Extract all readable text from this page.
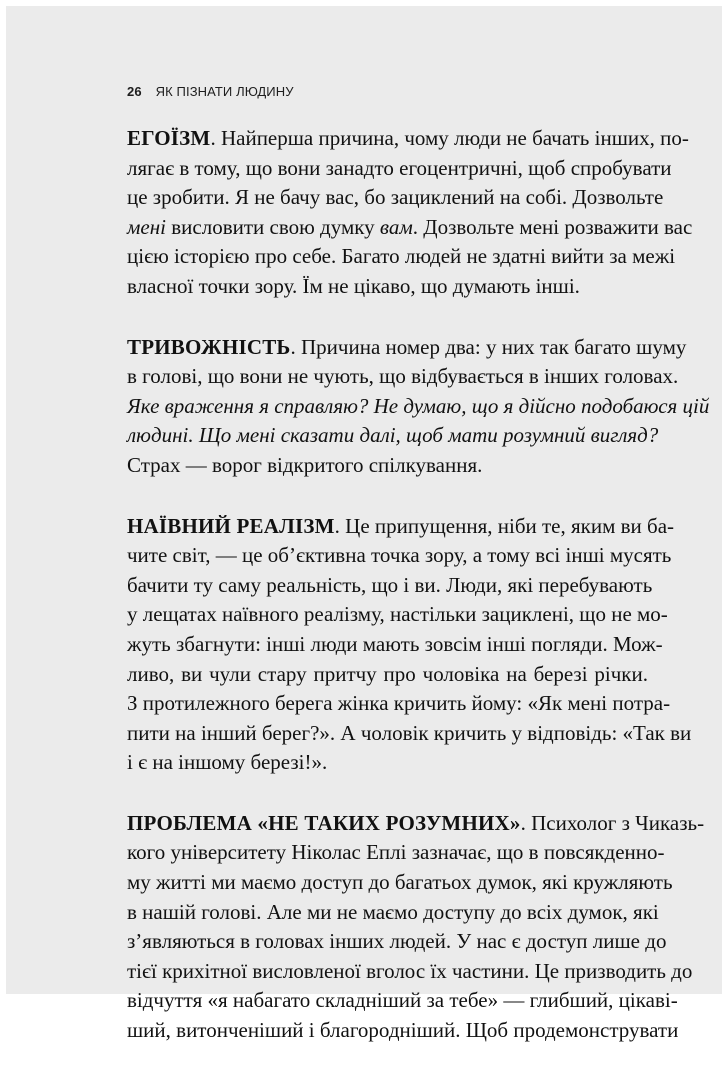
26 ЯК ПІЗНАТИ ЛЮДИНУ
ЕГОЇЗМ. Найперша причина, чому люди не бачать інших, по-
лягає в тому, що вони занадто егоцентричні, щоб спробувати
це зробити. Я не бачу вас, бо зациклений на собі. Дозвольте
мені висловити свою думку вам. Дозвольте мені розважити вас
цією історією про себе. Багато людей не здатні вийти за межі
власної точки зору. Їм не цікаво, що думають інші.
ТРИВОЖНІСТЬ. Причина номер два: у них так багато шуму
в голові, що вони не чують, що відбувається в інших головах.
Яке враження я справляю? Не думаю, що я дійсно подобаюся цій
людині. Що мені сказати далі, щоб мати розумний вигляд?
Страх — ворог відкритого спілкування.
НАЇВНИЙ РЕАЛІЗМ. Це припущення, ніби те, яким ви ба-
чите світ, — це об’єктивна точка зору, а тому всі інші мусять
бачити ту саму реальність, що і ви. Люди, які перебувають
у лещатах наївного реалізму, настільки зациклені, що не мо-
жуть збагнути: інші люди мають зовсім інші погляди. Мож-
ливо, ви чули стару притчу про чоловіка на березі річки.
З протилежного берега жінка кричить йому: «Як мені потра-
пити на інший берег?». А чоловік кричить у відповідь: «Так ви
і є на іншому березі!».
ПРОБЛЕМА «НЕ ТАКИХ РОЗУМНИХ». Психолог з Чиказь-
кого університету Ніколас Еплі зазначає, що в повсякденно-
му житті ми маємо доступ до багатьох думок, які кружляють
в нашій голові. Але ми не маємо доступу до всіх думок, які
з’являються в головах інших людей. У нас є доступ лише до
тієї крихітної висловленої вголос їх частини. Це призводить до
відчуття «я набагато складніший за тебе» — глибший, цікаві-
ший, витонченіший і благородніший. Щоб продемонструвати
